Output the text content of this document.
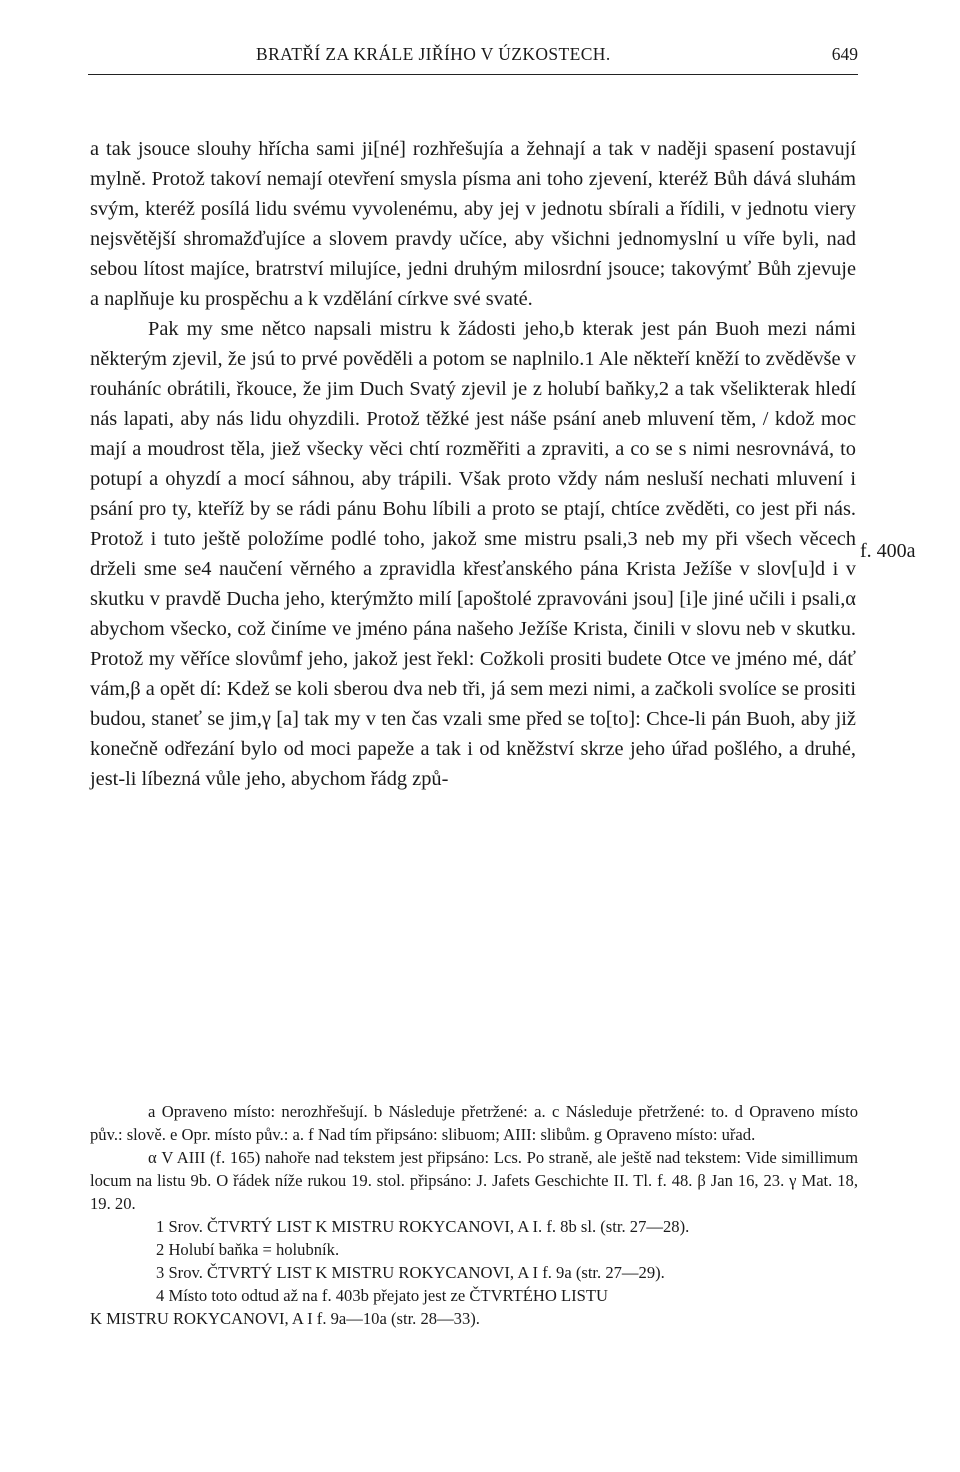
BRATŘÍ ZA KRÁLE JIŘÍHO V ÚZKOSTECH.	649
f. 400a

a tak jsouce slouhy hřícha sami ji[né] rozhřešujía a žehnají a tak v naději spasení postavují mylně. Protož takoví nemají otevření smysla písma ani toho zjevení, kteréž Bůh dává sluhám svým, kteréž posílá lidu svému vyvolenému, aby jej v jednotu sbírali a řídili, v jednotu viery nejsvětější shromažďujíce a slovem pravdy učíce, aby všichni jednomyslní u víře byli, nad sebou lítost majíce, bratrství milujíce, jedni druhým milosrdní jsouce; takovýmť Bůh zjevuje a naplňuje ku prospěchu a k vzdělání církve své svaté.

Pak my sme nětco napsali mistru k žádosti jeho,b kterak jest pán Buoh mezi námi některým zjevil, že jsú to prvé pověděli a potom se naplnilo.1 Ale někteří kněží to zvěděvše v rouháníc obrátili, řkouce, že jim Duch Svatý zjevil je z holubí baňky,2 a tak všelikterak hledí nás lapati, aby nás lidu ohyzdili. Protož těžké jest náše psání aneb mluvení těm, / kdož moc mají a moudrost těla, jiež všecky věci chtí rozměřiti a zpraviti, a co se s nimi nesrovnává, to potupí a ohyzdí a mocí sáhnou, aby trápili. Však proto vždy nám nesluší nechati mluvení i psání pro ty, kteříž by se rádi pánu Bohu líbili a proto se ptají, chtíce zvěděti, co jest při nás. Protož i tuto ještě položíme podlé toho, jakož sme mistru psali,3 neb my při všech věcech drželi sme se4 naučení věrného a zpravidla křesťanského pána Krista Ježíše v slov[u]d i v skutku v pravdě Ducha jeho, kterýmžto milí [apoštolé zpravováni jsou] [i]e jiné učili i psali,α abychom všecko, což činíme ve jméno pána našeho Ježíše Krista, činili v slovu neb v skutku. Protož my věříce slovůmf jeho, jakož jest řekl: Cožkoli prositi budete Otce ve jméno mé, dáť vám,β a opět dí: Kdež se koli sberou dva neb tři, já sem mezi nimi, a začkoli svolíce se prositi budou, staneť se jim,γ [a] tak my v ten čas vzali sme před se to[to]: Chce-li pán Buoh, aby již konečně odřezání bylo od moci papeže a tak i od kněžství skrze jeho úřad pošlého, a druhé, jest-li líbezná vůle jeho, abychom řádg způ-

a Opraveno místo: nerozhřešují. b Následuje přetržené: a. c Následuje přetržené: to. d Opraveno místo pův.: slově. e Opr. místo pův.: a. f Nad tím připsáno: slibuom; AIII: slibům. g Opraveno místo: uřad.

α V AIII (f. 165) nahoře nad tekstem jest připsáno: Lcs. Po straně, ale ještě nad tekstem: Vide simillimum locum na listu 9b. O řádek níže rukou 19. stol. připsáno: J. Jafets Geschichte II. Tl. f. 48. β Jan 16, 23. γ Mat. 18, 19. 20.

1 Srov. ČTVRTÝ LIST K MISTRU ROKYCANOVI, A I. f. 8b sl. (str. 27—28).

2 Holubí baňka = holubník.

3 Srov. ČTVRTÝ LIST K MISTRU ROKYCANOVI, A I f. 9a (str. 27—29).

4 Místo toto odtud až na f. 403b přejato jest ze ČTVRTÉHO LISTU

K MISTRU ROKYCANOVI, A I f. 9a—10a (str. 28—33).
